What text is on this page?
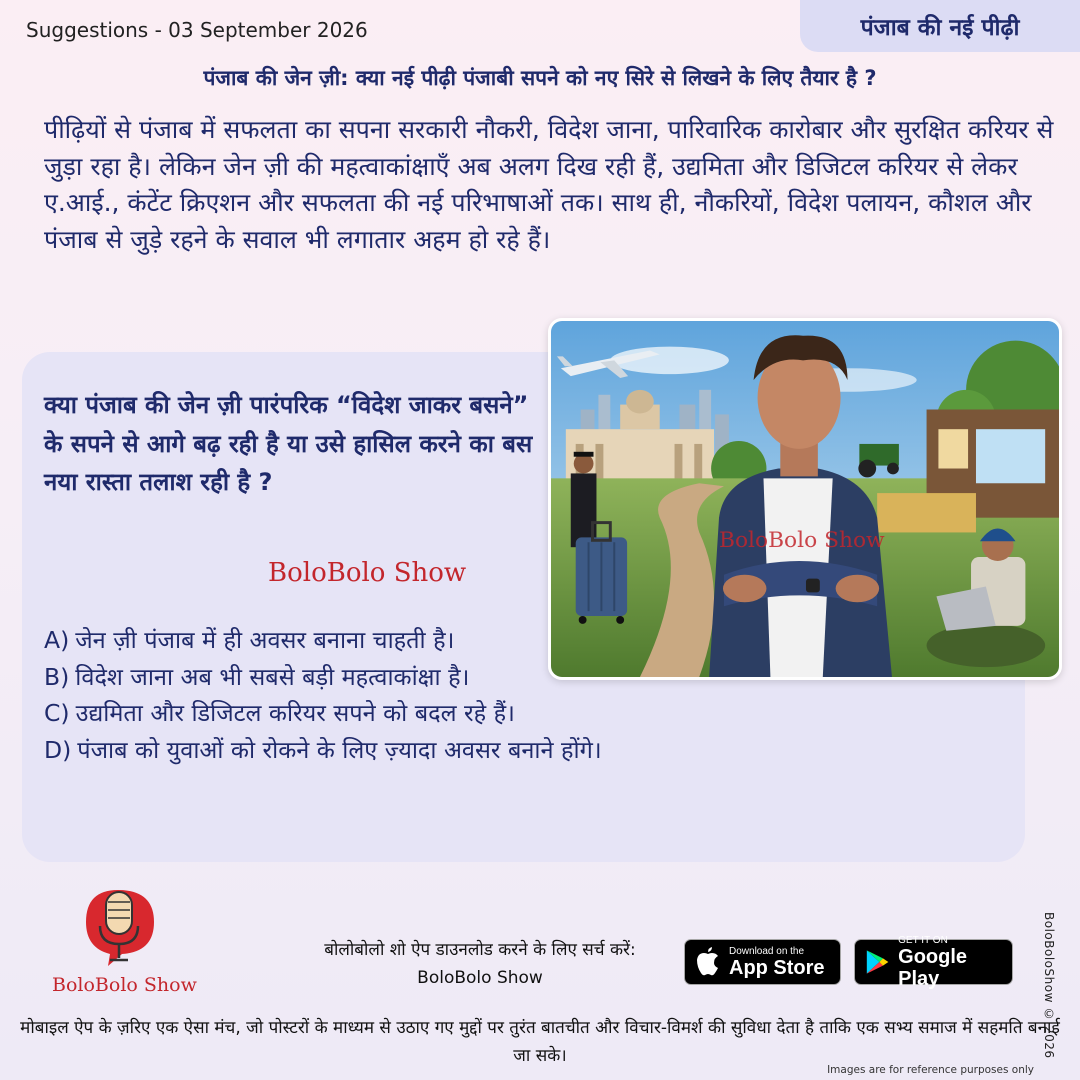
Suggestions - 03 September 2026	पंजाब की नई पीढ़ी
पंजाब की जेन ज़ी: क्या नई पीढ़ी पंजाबी सपने को नए सिरे से लिखने के लिए तैयार है ?

पीढ़ियों से पंजाब में सफलता का सपना सरकारी नौकरी, विदेश जाना, पारिवारिक कारोबार और सुरक्षित करियर से जुड़ा रहा है। लेकिन जेन ज़ी की महत्वाकांक्षाएँ अब अलग दिख रही हैं, उद्यमिता और डिजिटल करियर से लेकर ए.आई., कंटेंट क्रिएशन और सफलता की नई परिभाषाओं तक। साथ ही, नौकरियों, विदेश पलायन, कौशल और पंजाब से जुड़े रहने के सवाल भी लगातार अहम हो रहे हैं।

क्या पंजाब की जेन ज़ी पारंपरिक “विदेश जाकर बसने” के सपने से आगे बढ़ रही है या उसे हासिल करने का बस नया रास्ता तलाश रही है ?
BoloBolo Show
BoloBolo Show
A) जेन ज़ी पंजाब में ही अवसर बनाना चाहती है।
B) विदेश जाना अब भी सबसे बड़ी महत्वाकांक्षा है।
C) उद्यमिता और डिजिटल करियर सपने को बदल रहे हैं।
D) पंजाब को युवाओं को रोकने के लिए ज़्यादा अवसर बनाने होंगे।
BoloBolo Show
बोलोबोलो शो ऐप डाउनलोड करने के लिए सर्च करें:
BoloBolo Show
Download on the
App Store
GET IT ON
Google Play
मोबाइल ऐप के ज़रिए एक ऐसा मंच, जो पोस्टरों के माध्यम से उठाए गए मुद्दों पर तुरंत बातचीत और विचार-विमर्श की सुविधा देता है ताकि एक सभ्य समाज में सहमति बनाई जा सके।
Images are for reference purposes only
BoloBoloShow © 2026
